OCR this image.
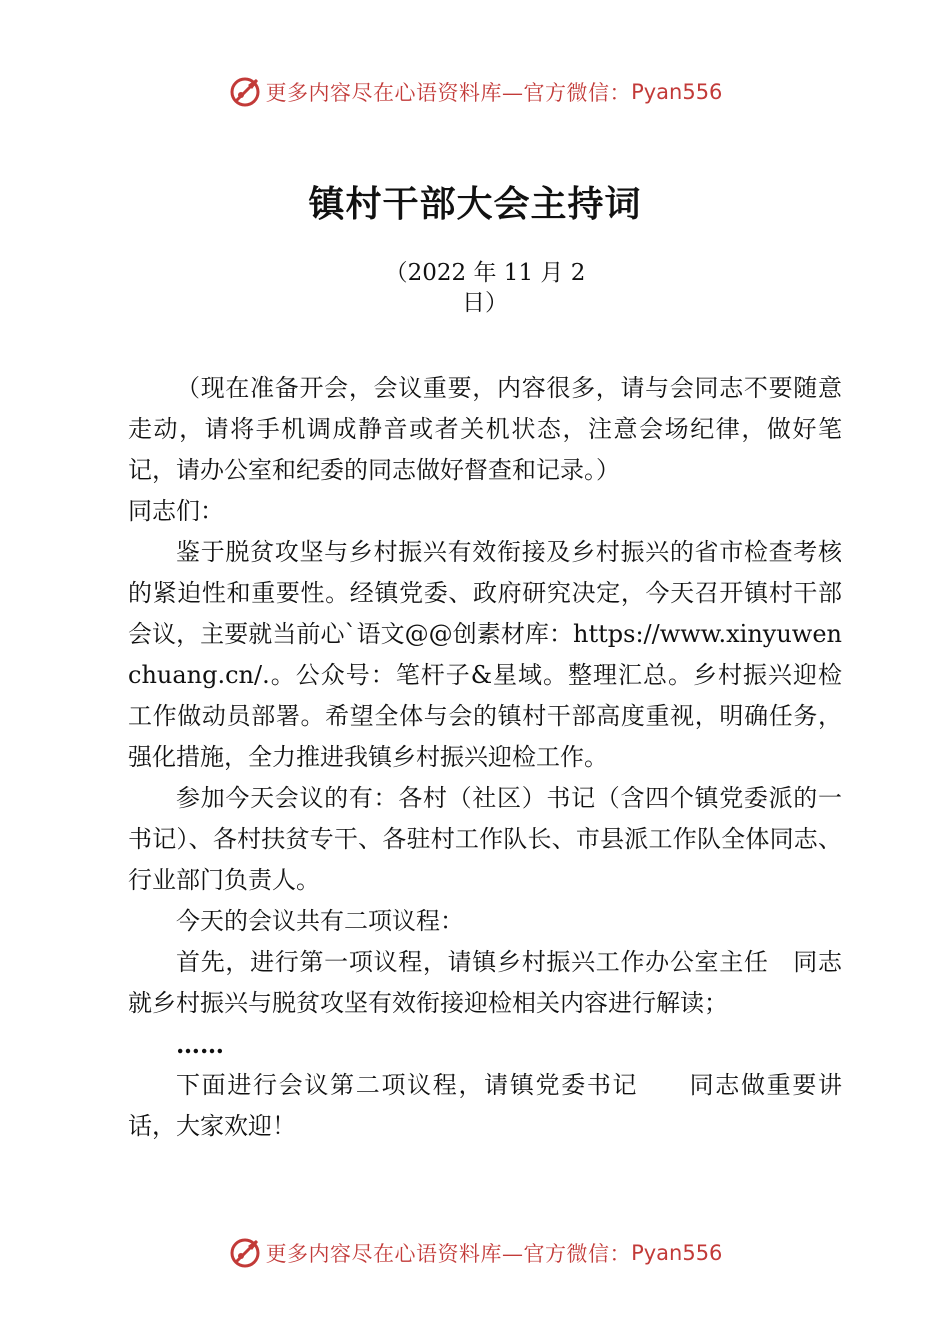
更多内容尽在心语资料库—官方微信： Pyan556
镇村干部大会主持词
（2022 年 11 月 2
日）

（现在准备开会，会议重要，内容很多，请与会同志不要随意走动，请将手机调成静音或者关机状态，注意会场纪律，做好笔记，请办公室和纪委的同志做好督查和记录。）

同志们：

鉴于脱贫攻坚与乡村振兴有效衔接及乡村振兴的省市检查考核的紧迫性和重要性。经镇党委、政府研究决定，今天召开镇村干部会议，主要就当前心`语文@@创素材库：https://www.xinyuwenchuang.cn/.。公众号：笔杆子&星域。整理汇总。乡村振兴迎检工作做动员部署。希望全体与会的镇村干部高度重视，明确任务，强化措施，全力推进我镇乡村振兴迎检工作。

参加今天会议的有：各村（社区）书记（含四个镇党委派的一书记）、各村扶贫专干、各驻村工作队长、市县派工作队全体同志、行业部门负责人。

今天的会议共有二项议程：

首先，进行第一项议程，请镇乡村振兴工作办公室主任　同志就乡村振兴与脱贫攻坚有效衔接迎检相关内容进行解读；

……

下面进行会议第二项议程，请镇党委书记　　同志做重要讲话，大家欢迎！

更多内容尽在心语资料库—官方微信： Pyan556
